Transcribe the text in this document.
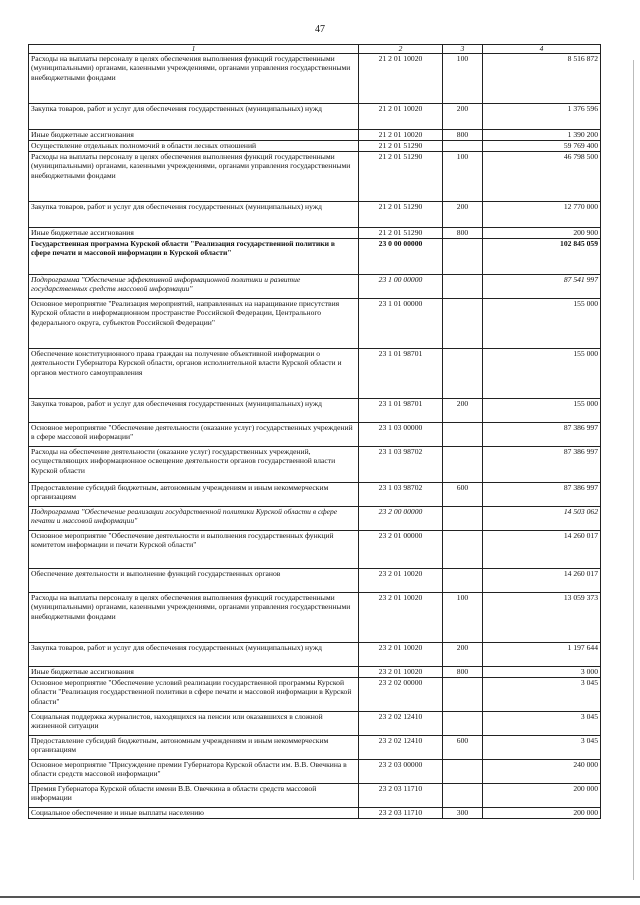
47
1	2	3	4
Расходы на выплаты персоналу в целях обеспечения выполнения функций государственными (муниципальными) органами, казенными учреждениями, органами управления государственными внебюджетными фондами	21 2 01 10020	100	8 516 872
Закупка товаров, работ и услуг для обеспечения государственных (муниципальных) нужд	21 2 01 10020	200	1 376 596
Иные бюджетные ассигнования	21 2 01 10020	800	1 390 200
Осуществление отдельных полномочий в области лесных отношений	21 2 01 51290		59 769 400
Расходы на выплаты персоналу в целях обеспечения выполнения функций государственными (муниципальными) органами, казенными учреждениями, органами управления государственными внебюджетными фондами	21 2 01 51290	100	46 798 500
Закупка товаров, работ и услуг для обеспечения государственных (муниципальных) нужд	21 2 01 51290	200	12 770 000
Иные бюджетные ассигнования	21 2 01 51290	800	200 900
Государственная программа Курской области "Реализация государственной политики в сфере печати и массовой информации в Курской области"	23 0 00 00000		102 845 059
Подпрограмма "Обеспечение эффективной информационной политики и развитие государственных средств массовой информации"	23 1 00 00000		87 541 997
Основное мероприятие "Реализация мероприятий, направленных на наращивание присутствия Курской области в информационном пространстве Российской Федерации, Центрального федерального округа, субъектов Российской Федерации"	23 1 01 00000		155 000
Обеспечение конституционного права граждан на получение объективной информации о деятельности Губернатора Курской области, органов исполнительной власти Курской области и органов местного самоуправления	23 1 01 98701		155 000
Закупка товаров, работ и услуг для обеспечения государственных (муниципальных) нужд	23 1 01 98701	200	155 000
Основное мероприятие "Обеспечение деятельности (оказание услуг) государственных учреждений в сфере массовой информации"	23 1 03 00000		87 386 997
Расходы на обеспечение деятельности (оказание услуг) государственных учреждений, осуществляющих информационное освещение деятельности органов государственной власти Курской области	23 1 03 98702		87 386 997
Предоставление субсидий бюджетным, автономным учреждениям и иным некоммерческим организациям	23 1 03 98702	600	87 386 997
Подпрограмма "Обеспечение реализации государственной политики Курской области в сфере печати и массовой информации"	23 2 00 00000		14 503 062
Основное мероприятие "Обеспечение деятельности и выполнения государственных функций комитетом информации и печати Курской области"	23 2 01 00000		14 260 017
Обеспечение деятельности и выполнение функций государственных органов	23 2 01 10020		14 260 017
Расходы на выплаты персоналу в целях обеспечения выполнения функций государственными (муниципальными) органами, казенными учреждениями, органами управления государственными внебюджетными фондами	23 2 01 10020	100	13 059 373
Закупка товаров, работ и услуг для обеспечения государственных (муниципальных) нужд	23 2 01 10020	200	1 197 644
Иные бюджетные ассигнования	23 2 01 10020	800	3 000
Основное мероприятие "Обеспечение условий реализации государственной программы Курской области "Реализация государственной политики в сфере печати и массовой информации в Курской области"	23 2 02 00000		3 045
Социальная поддержка журналистов, находящихся на пенсии или оказавшихся в сложной жизненной ситуации	23 2 02 12410		3 045
Предоставление субсидий бюджетным, автономным учреждениям и иным некоммерческим организациям	23 2 02 12410	600	3 045
Основное мероприятие "Присуждение премии Губернатора Курской области им. В.В. Овечкина в области средств массовой информации"	23 2 03 00000		240 000
Премия Губернатора Курской области имени В.В. Овечкина в области средств массовой информации	23 2 03 11710		200 000
Социальное обеспечение и иные выплаты населению	23 2 03 11710	300	200 000
